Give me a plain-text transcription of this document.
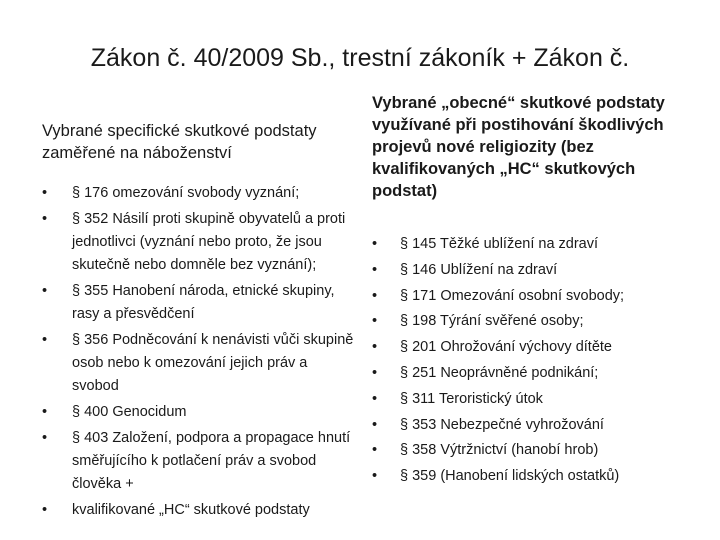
Zákon č. 40/2009 Sb., trestní zákoník + Zákon č.
Vybrané specifické skutkové podstaty zaměřené na náboženství
• § 176 omezování svobody vyznání;
• § 352 Násilí proti skupině obyvatelů a proti jednotlivci (vyznání nebo proto, že jsou skutečně nebo domněle bez vyznání);
• § 355 Hanobení národa, etnické skupiny, rasy a přesvědčení
• § 356 Podněcování k nenávisti vůči skupině osob nebo k omezování jejich práv a svobod
• § 400 Genocidum
• § 403 Založení, podpora a propagace hnutí směřujícího k potlačení práv a svobod člověka +
• kvalifikované „HC“ skutkové podstaty
Vybrané „obecné“ skutkové podstaty využívané při postihování škodlivých projevů nové religiozity (bez kvalifikovaných „HC“ skutkových podstat)
• § 145 Těžké ublížení na zdraví
• § 146 Ublížení na zdraví
• § 171 Omezování osobní svobody;
• § 198 Týrání svěřené osoby;
• § 201 Ohrožování výchovy dítěte
• § 251 Neoprávněné podnikání;
• § 311 Teroristický útok
• § 353 Nebezpečné vyhrožování
• § 358 Výtržnictví (hanobí hrob)
• § 359 (Hanobení lidských ostatků)
